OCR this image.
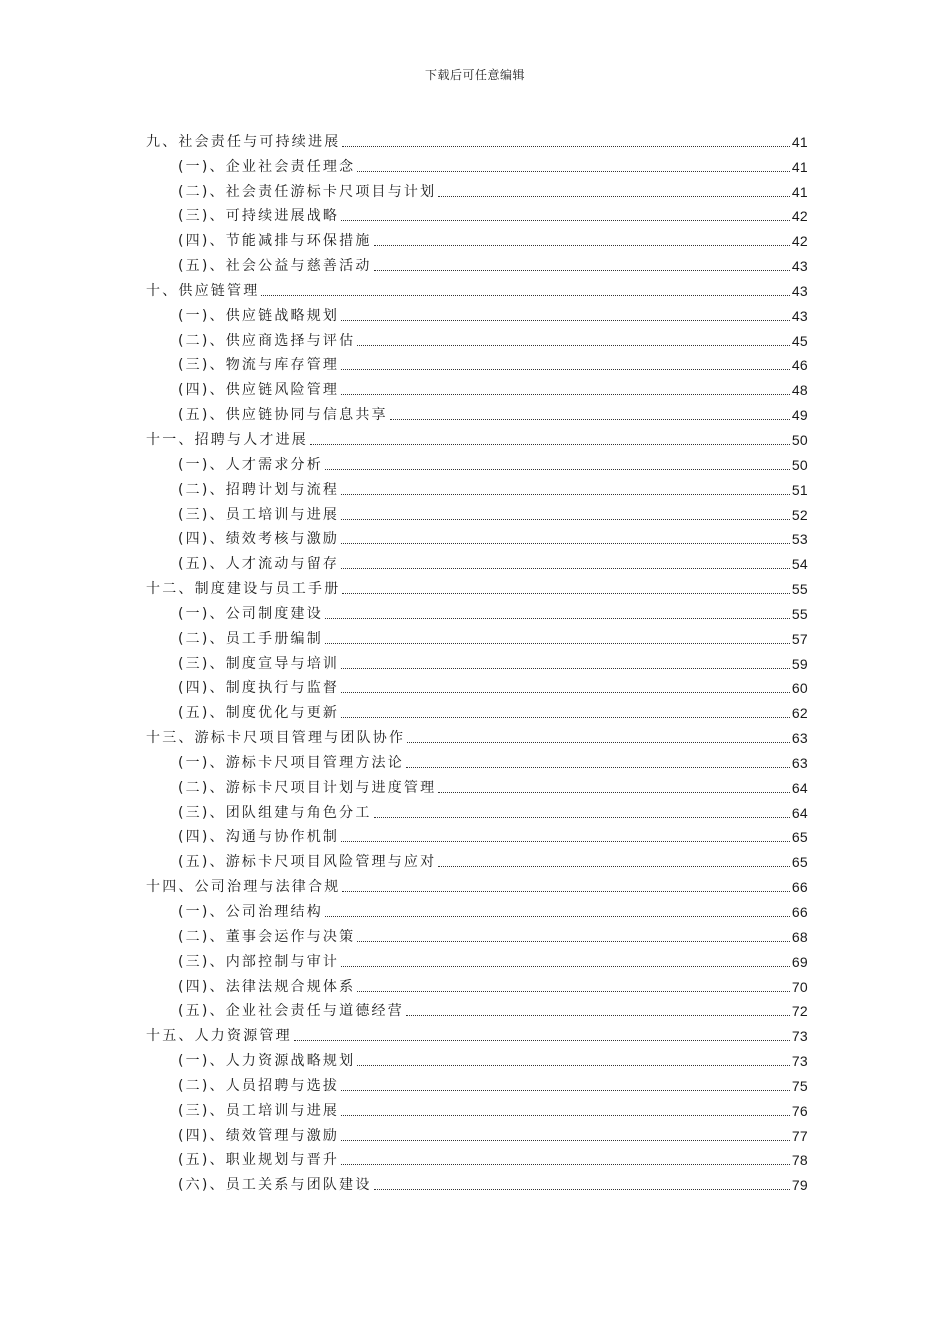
下载后可任意编辑
九、社会责任与可持续进展	41
(一)、企业社会责任理念	41
(二)、社会责任游标卡尺项目与计划	41
(三)、可持续进展战略	42
(四)、节能减排与环保措施	42
(五)、社会公益与慈善活动	43
十、供应链管理	43
(一)、供应链战略规划	43
(二)、供应商选择与评估	45
(三)、物流与库存管理	46
(四)、供应链风险管理	48
(五)、供应链协同与信息共享	49
十一、招聘与人才进展	50
(一)、人才需求分析	50
(二)、招聘计划与流程	51
(三)、员工培训与进展	52
(四)、绩效考核与激励	53
(五)、人才流动与留存	54
十二、制度建设与员工手册	55
(一)、公司制度建设	55
(二)、员工手册编制	57
(三)、制度宣导与培训	59
(四)、制度执行与监督	60
(五)、制度优化与更新	62
十三、游标卡尺项目管理与团队协作	63
(一)、游标卡尺项目管理方法论	63
(二)、游标卡尺项目计划与进度管理	64
(三)、团队组建与角色分工	64
(四)、沟通与协作机制	65
(五)、游标卡尺项目风险管理与应对	65
十四、公司治理与法律合规	66
(一)、公司治理结构	66
(二)、董事会运作与决策	68
(三)、内部控制与审计	69
(四)、法律法规合规体系	70
(五)、企业社会责任与道德经营	72
十五、人力资源管理	73
(一)、人力资源战略规划	73
(二)、人员招聘与选拔	75
(三)、员工培训与进展	76
(四)、绩效管理与激励	77
(五)、职业规划与晋升	78
(六)、员工关系与团队建设	79
